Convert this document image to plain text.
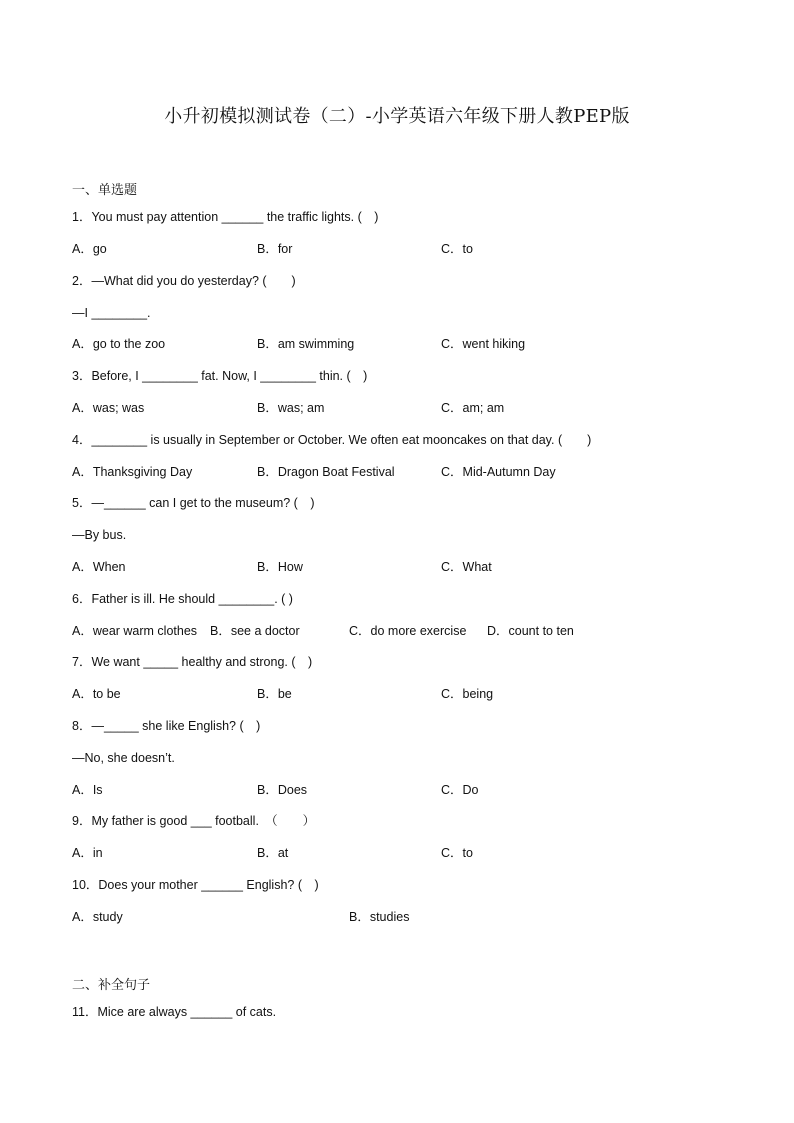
小升初模拟测试卷（二）-小学英语六年级下册人教PEP版
一、单选题
1．You must pay attention ______ the traffic lights. (　)
A．go	B．for	C．to
2．—What did you do yesterday? (　　)
—I ________.
A．go to the zoo	B．am swimming	C．went hiking
3．Before, I ________ fat. Now, I ________ thin. (　)
A．was; was	B．was; am	C．am; am
4．________ is usually in September or October. We often eat mooncakes on that day. (　　)
A．Thanksgiving Day	B．Dragon Boat Festival	C．Mid-Autumn Day
5．—______ can I get to the museum? (　)
—By bus.
A．When	B．How	C．What
6．Father is ill. He should ________. ( )
A．wear warm clothes B．see a doctor	C．do more exercise D．count to ten
7．We want _____ healthy and strong. (　)
A．to be	B．be	C．being
8．—_____ she like English? (　)
—No, she doesn’t.
A．Is	B．Does	C．Do
9．My father is good ___ football.　（　　）
A．in	B．at	C．to
10．Does your mother ______ English? (　)
A．study	B．studies
二、补全句子
11．Mice are always ______ of cats.
